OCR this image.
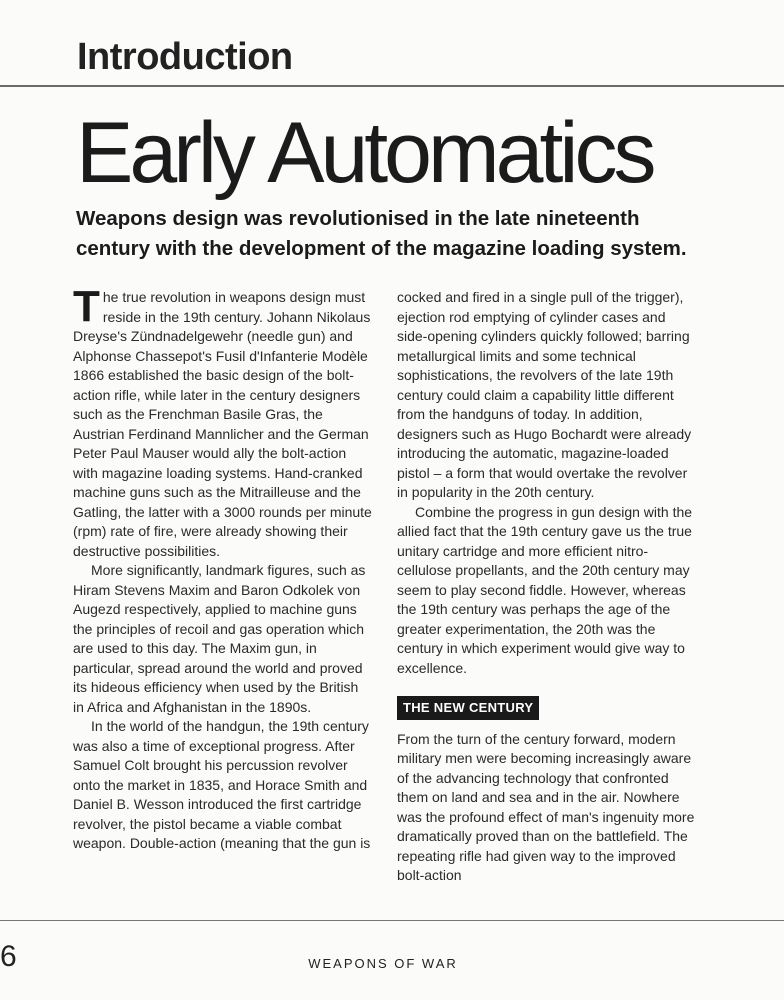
Introduction
Early Automatics

Weapons design was revolutionised in the late nineteenth century with the development of the magazine loading system.

The true revolution in weapons design must reside in the 19th century. Johann Nikolaus Dreyse's Zündnadelgewehr (needle gun) and Alphonse Chassepot's Fusil d'Infanterie Modèle 1866 established the basic design of the bolt-action rifle, while later in the century designers such as the Frenchman Basile Gras, the Austrian Ferdinand Mannlicher and the German Peter Paul Mauser would ally the bolt-action with magazine loading systems. Hand-cranked machine guns such as the Mitrailleuse and the Gatling, the latter with a 3000 rounds per minute (rpm) rate of fire, were already showing their destructive possibilities.

More significantly, landmark figures, such as Hiram Stevens Maxim and Baron Odkolek von Augezd respectively, applied to machine guns the principles of recoil and gas operation which are used to this day. The Maxim gun, in particular, spread around the world and proved its hideous efficiency when used by the British in Africa and Afghanistan in the 1890s.

In the world of the handgun, the 19th century was also a time of exceptional progress. After Samuel Colt brought his percussion revolver onto the market in 1835, and Horace Smith and Daniel B. Wesson introduced the first cartridge revolver, the pistol became a viable combat weapon. Double-action (meaning that the gun is

cocked and fired in a single pull of the trigger), ejection rod emptying of cylinder cases and side-opening cylinders quickly followed; barring metallurgical limits and some technical sophistications, the revolvers of the late 19th century could claim a capability little different from the handguns of today. In addition, designers such as Hugo Bochardt were already introducing the automatic, magazine-loaded pistol – a form that would overtake the revolver in popularity in the 20th century.

Combine the progress in gun design with the allied fact that the 19th century gave us the true unitary cartridge and more efficient nitro-cellulose propellants, and the 20th century may seem to play second fiddle. However, whereas the 19th century was perhaps the age of the greater experimentation, the 20th was the century in which experiment would give way to excellence.

THE NEW CENTURY

From the turn of the century forward, modern military men were becoming increasingly aware of the advancing technology that confronted them on land and sea and in the air. Nowhere was the profound effect of man's ingenuity more dramatically proved than on the battlefield. The repeating rifle had given way to the improved bolt-action

6	WEAPONS OF WAR
